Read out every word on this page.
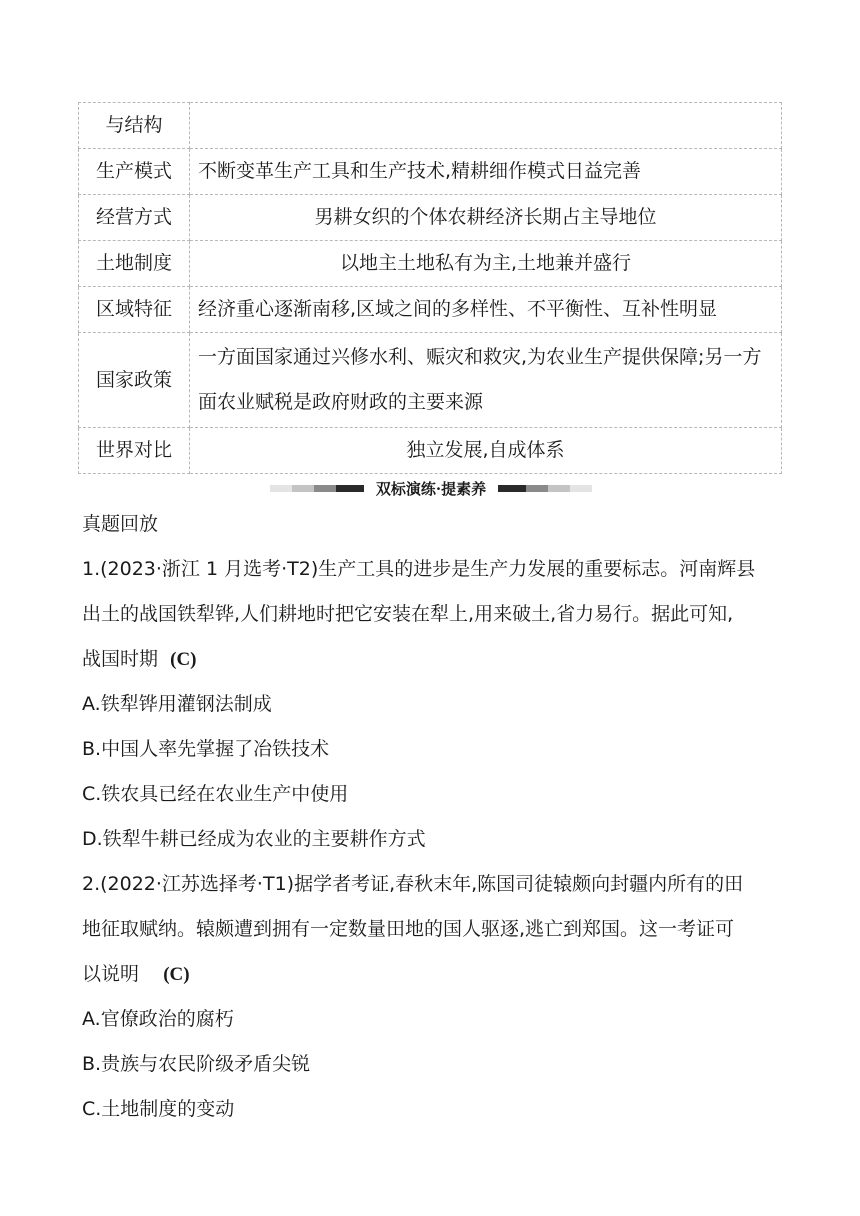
与结构	
生产模式	不断变革生产工具和生产技术,精耕细作模式日益完善
经营方式	男耕女织的个体农耕经济长期占主导地位
土地制度	以地主土地私有为主,土地兼并盛行
区域特征	经济重心逐渐南移,区域之间的多样性、不平衡性、互补性明显
国家政策	一方面国家通过兴修水利、赈灾和救灾,为农业生产提供保障;另一方面农业赋税是政府财政的主要来源
世界对比	独立发展,自成体系
双标演练·提素养

真题回放

1.(2023·浙江 1 月选考·T2)生产工具的进步是生产力发展的重要标志。河南辉县

出土的战国铁犁铧,人们耕地时把它安装在犁上,用来破土,省力易行。据此可知,

战国时期 (C)

A.铁犁铧用灌钢法制成

B.中国人率先掌握了冶铁技术

C.铁农具已经在农业生产中使用

D.铁犁牛耕已经成为农业的主要耕作方式

2.(2022·江苏选择考·T1)据学者考证,春秋末年,陈国司徒辕颇向封疆内所有的田

地征取赋纳。辕颇遭到拥有一定数量田地的国人驱逐,逃亡到郑国。这一考证可

以说明 (C)

A.官僚政治的腐朽

B.贵族与农民阶级矛盾尖锐

C.土地制度的变动
